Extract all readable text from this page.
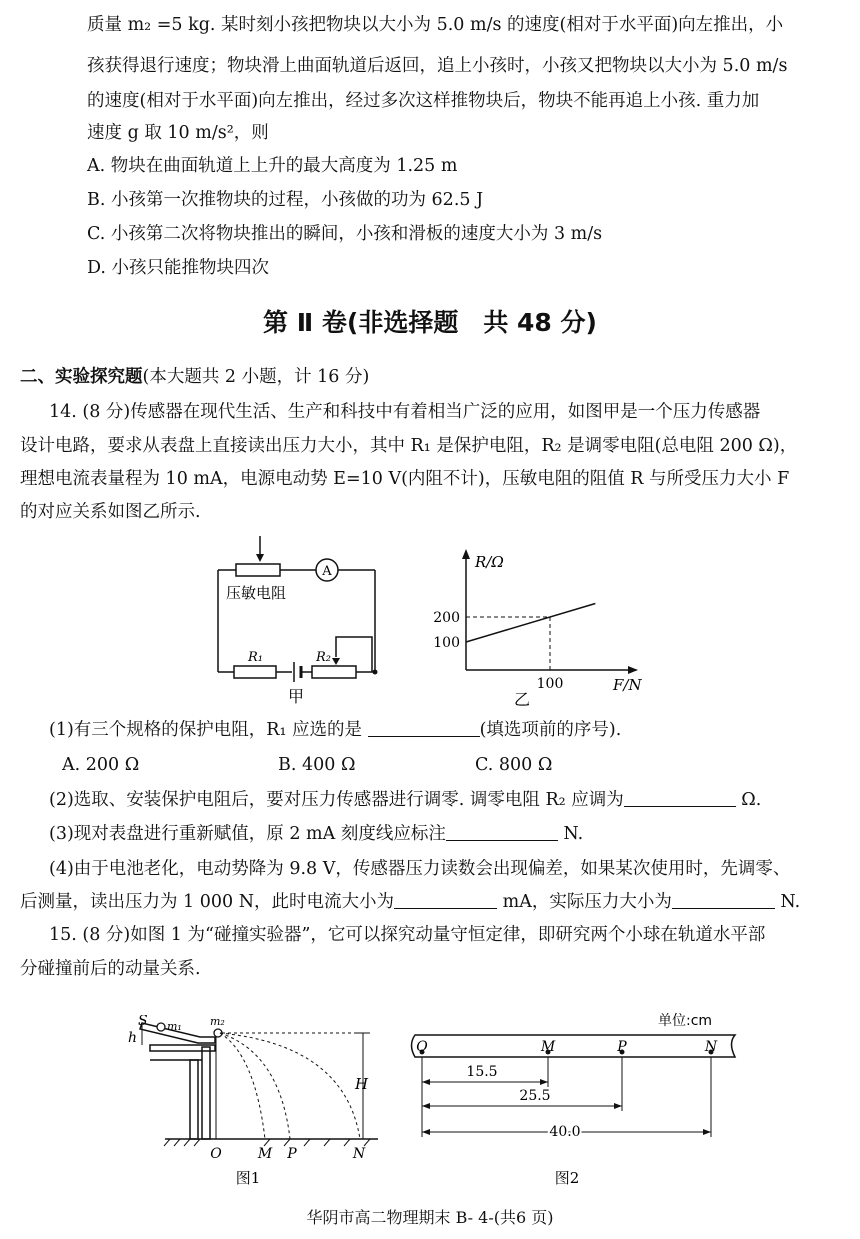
质量 m₂ =5 kg. 某时刻小孩把物块以大小为 5.0 m/s 的速度(相对于水平面)向左推出，小
孩获得退行速度；物块滑上曲面轨道后返回，追上小孩时，小孩又把物块以大小为 5.0 m/s
的速度(相对于水平面)向左推出，经过多次这样推物块后，物块不能再追上小孩. 重力加
速度 g 取 10 m/s²，则
A. 物块在曲面轨道上上升的最大高度为 1.25 m
B. 小孩第一次推物块的过程，小孩做的功为 62.5 J
C. 小孩第二次将物块推出的瞬间，小孩和滑板的速度大小为 3 m/s
D. 小孩只能推物块四次
第 Ⅱ 卷(非选择题　共 48 分)
二、实验探究题(本大题共 2 小题，计 16 分)
14. (8 分)传感器在现代生活、生产和科技中有着相当广泛的应用，如图甲是一个压力传感器
设计电路，要求从表盘上直接读出压力大小，其中 R₁ 是保护电阻，R₂ 是调零电阻(总电阻 200 Ω)，
理想电流表量程为 10 mA，电源电动势 E=10 V(内阻不计)，压敏电阻的阻值 R 与所受压力大小 F
的对应关系如图乙所示.
A
压敏电阻
R₁	R₂
甲
R/Ω
200
100
100	F/N
乙
(1)有三个规格的保护电阻，R₁ 应选的是	(填选项前的序号).
A. 200 Ω	B. 400 Ω	C. 800 Ω
(2)选取、安装保护电阻后，要对压力传感器进行调零. 调零电阻 R₂ 应调为	Ω.
(3)现对表盘进行重新赋值，原 2 mA 刻度线应标注	N.
(4)由于电池老化，电动势降为 9.8 V，传感器压力读数会出现偏差，如果某次使用时，先调零、
后测量，读出压力为 1 000 N，此时电流大小为	mA，实际压力大小为	N.
15. (8 分)如图 1 为“碰撞实验器”，它可以探究动量守恒定律，即研究两个小球在轨道水平部
分碰撞前后的动量关系.
S m₁	m₂
h
H
O	M P	N
图1
单位:cm
O	M	P	N
15.5
25.5
40.0
图2
华阴市高二物理期末 B- 4-(共6 页)
